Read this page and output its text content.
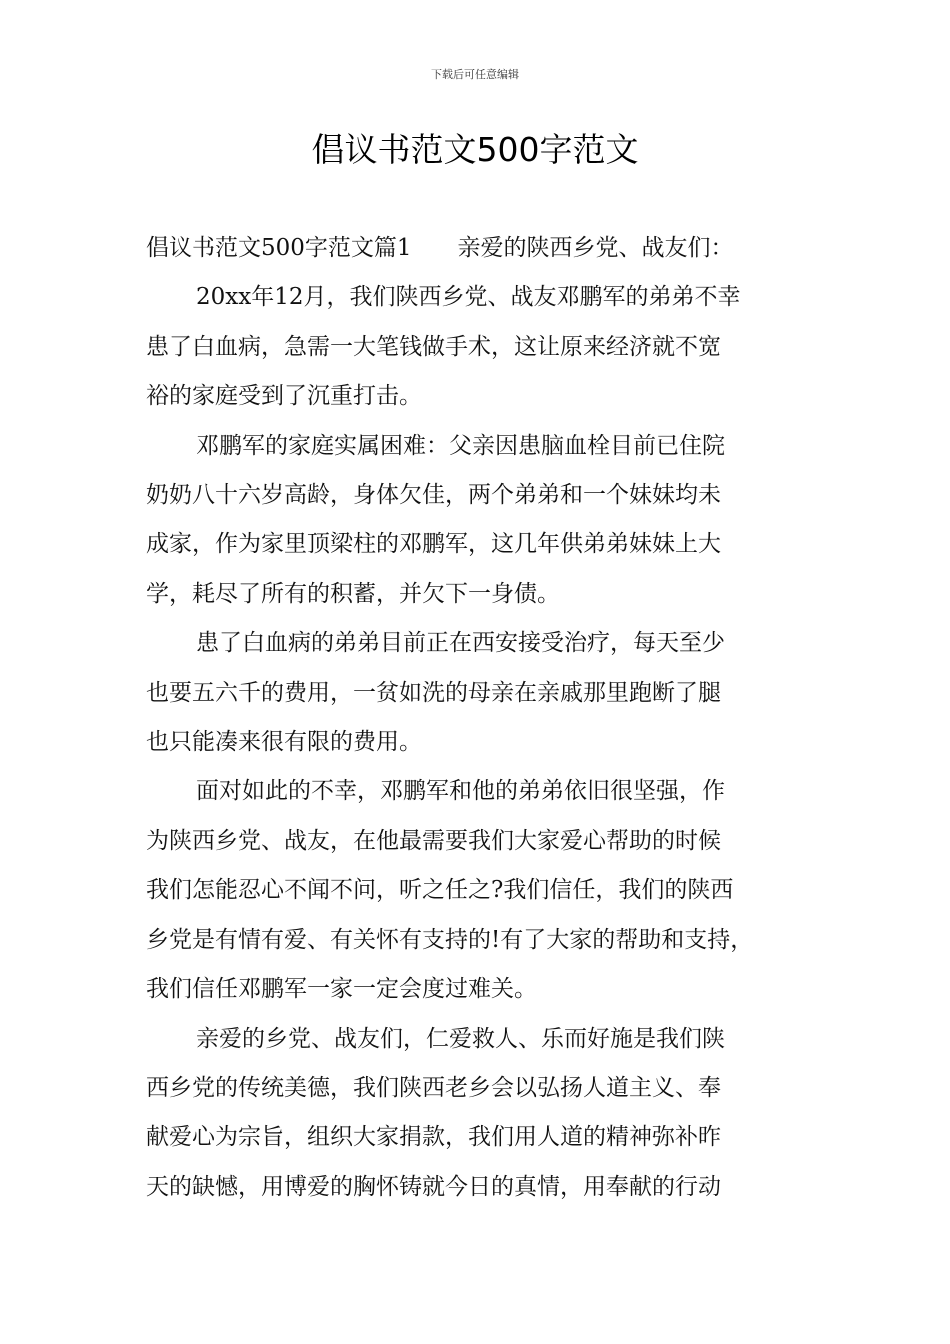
下载后可任意编辑
倡议书范文500字范文

倡议书范文500字范文篇1 亲爱的陕西乡党、战友们：

20xx年12月，我们陕西乡党、战友邓鹏军的弟弟不幸
患了白血病，急需一大笔钱做手术，这让原来经济就不宽
裕的家庭受到了沉重打击。

邓鹏军的家庭实属困难：父亲因患脑血栓目前已住院
奶奶八十六岁高龄，身体欠佳，两个弟弟和一个妹妹均未
成家，作为家里顶梁柱的邓鹏军，这几年供弟弟妹妹上大
学，耗尽了所有的积蓄，并欠下一身债。

患了白血病的弟弟目前正在西安接受治疗，每天至少
也要五六千的费用，一贫如洗的母亲在亲戚那里跑断了腿
也只能凑来很有限的费用。

面对如此的不幸，邓鹏军和他的弟弟依旧很坚强，作
为陕西乡党、战友，在他最需要我们大家爱心帮助的时候
我们怎能忍心不闻不问，听之任之?我们信任，我们的陕西
乡党是有情有爱、有关怀有支持的!有了大家的帮助和支持，
我们信任邓鹏军一家一定会度过难关。

亲爱的乡党、战友们，仁爱救人、乐而好施是我们陕
西乡党的传统美德，我们陕西老乡会以弘扬人道主义、奉
献爱心为宗旨，组织大家捐款，我们用人道的精神弥补昨
天的缺憾，用博爱的胸怀铸就今日的真情，用奉献的行动
